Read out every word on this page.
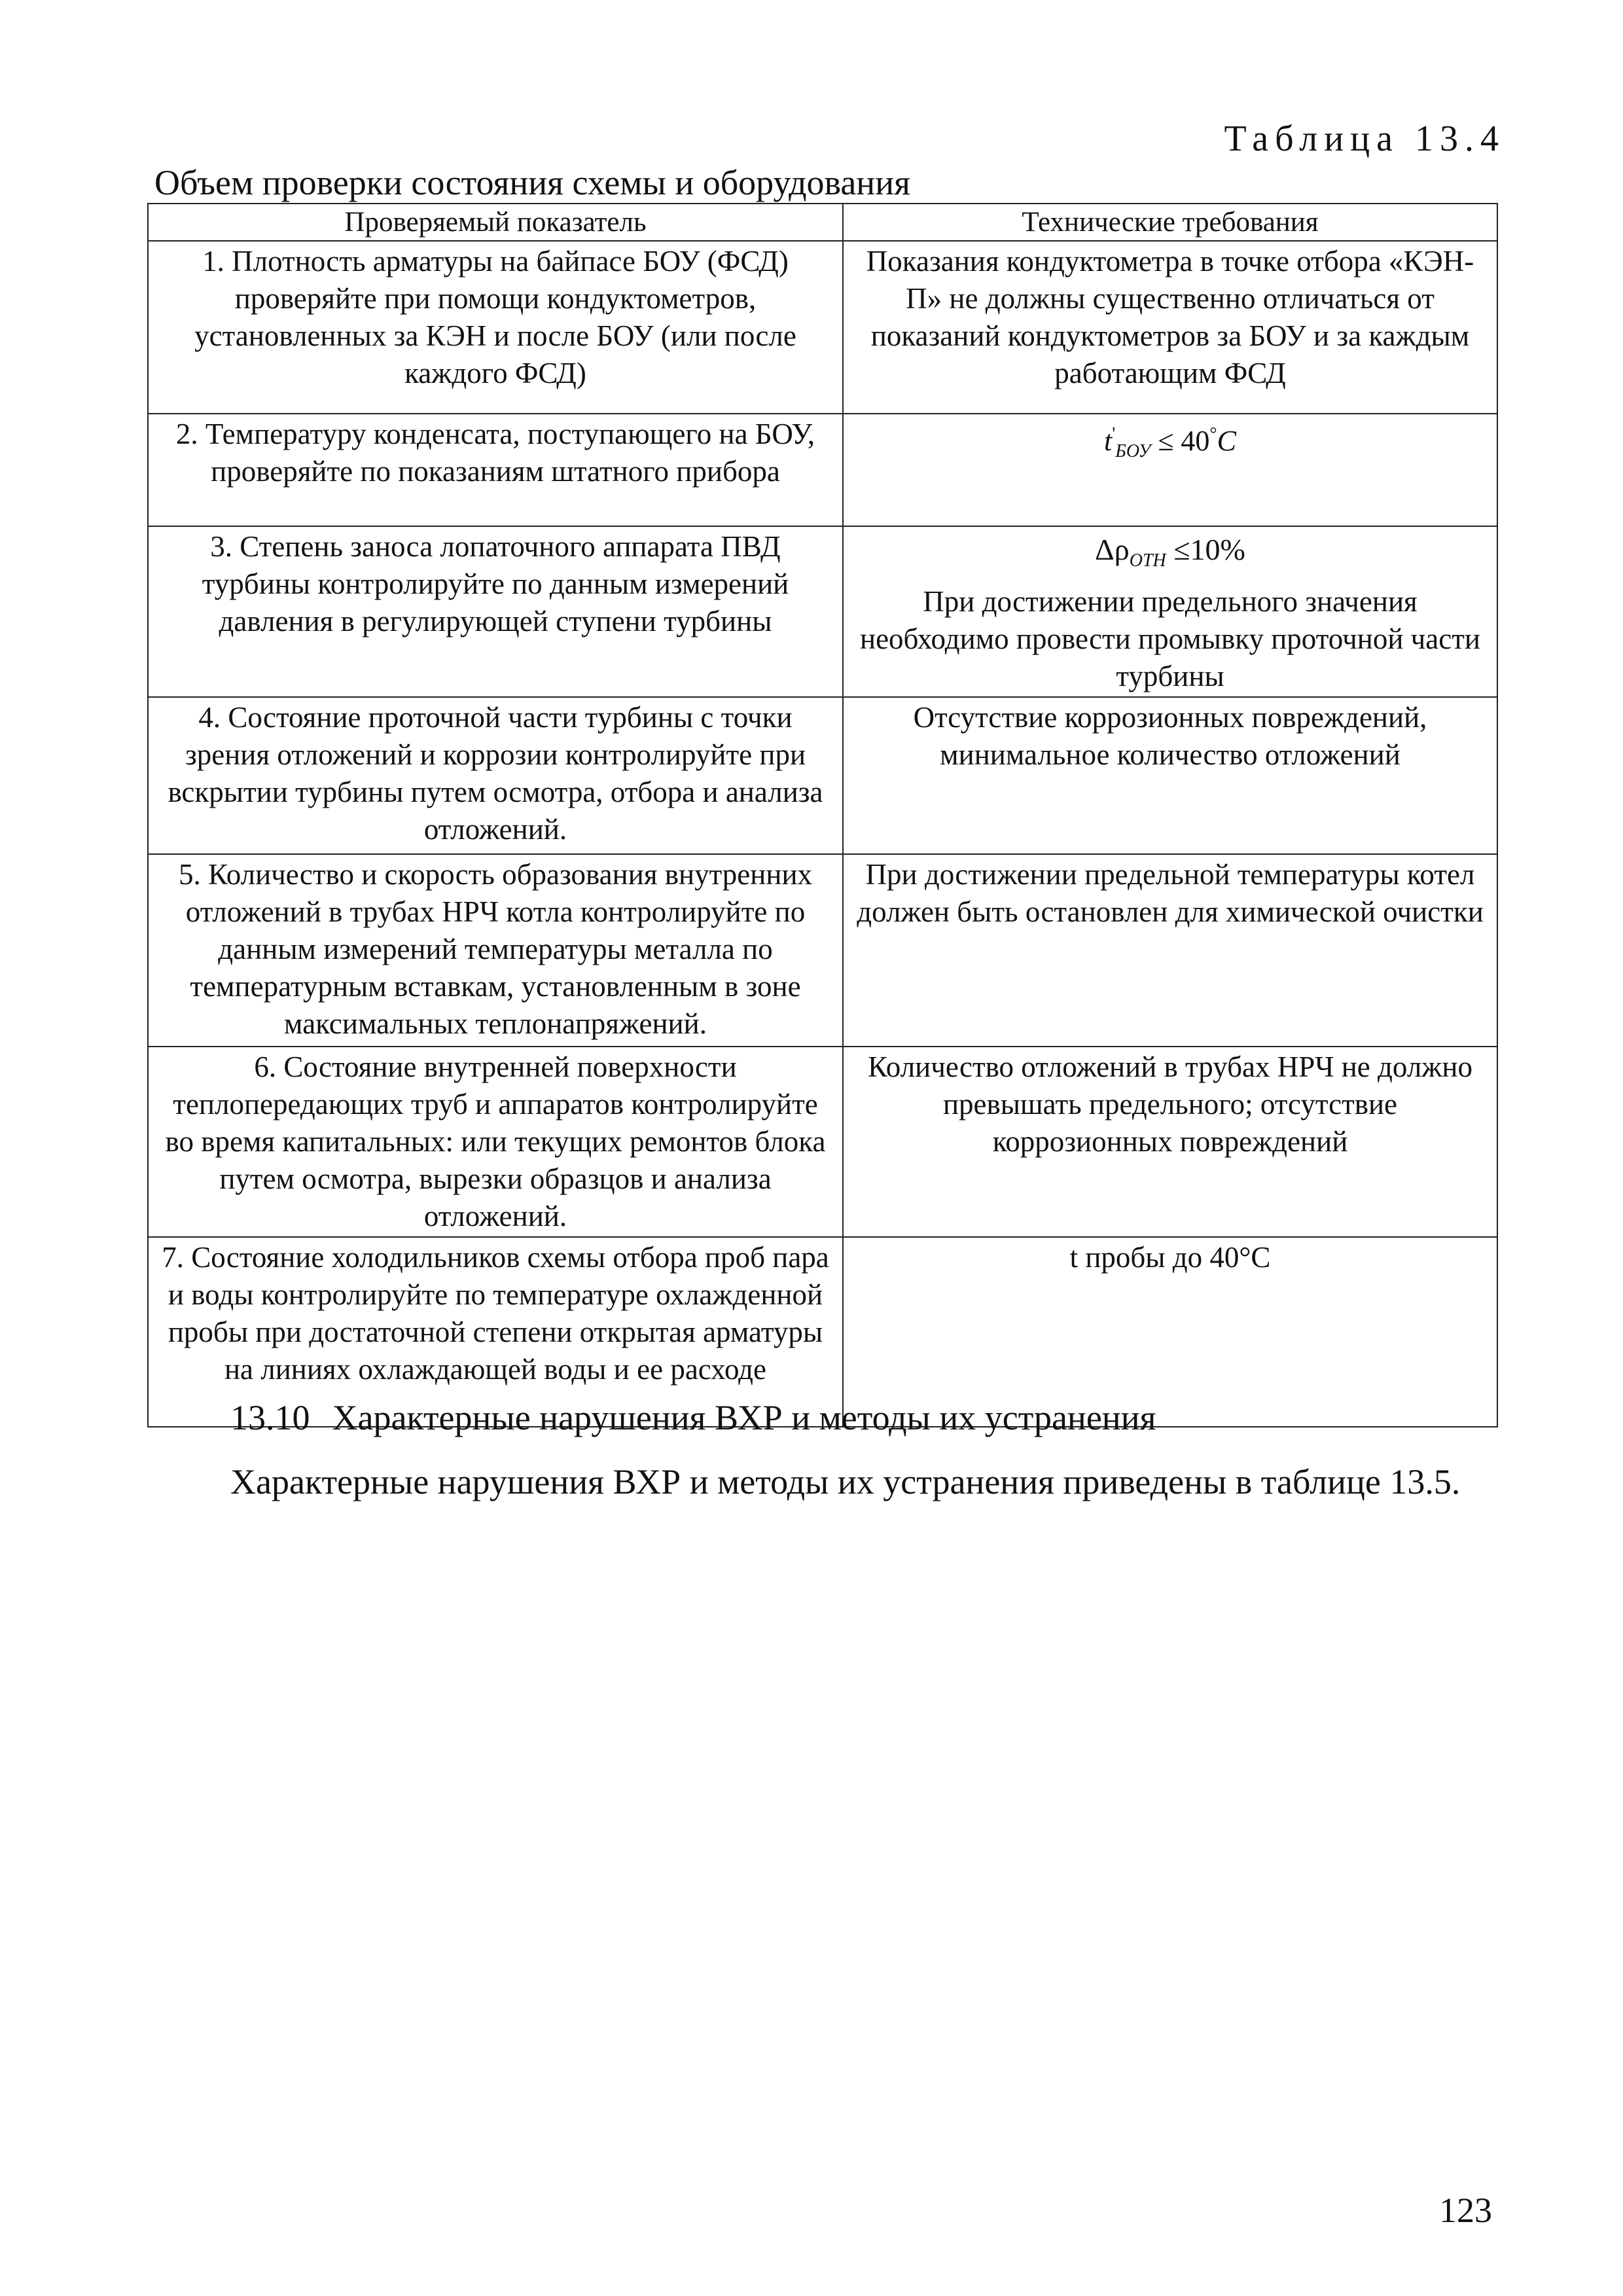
Таблица 13.4
Объем проверки состояния схемы и оборудования
Проверяемый показатель	Технические требования
1. Плотность арматуры на байпасе БОУ (ФСД) проверяйте при помощи кондуктометров, установленных за КЭН и после БОУ (или после каждого ФСД)	Показания кондуктометра в точке отбора «КЭН-П» не должны существенно отличаться от показаний кондуктометров за БОУ и за каждым работающим ФСД
2. Температуру конденсата, поступающего на БОУ, проверяйте по показаниям штатного прибора	$t'_{БОУ} \le 40^\circ C$
3. Степень заноса лопаточного аппарата ПВД турбины контролируйте по данным измерений давления в регулирующей ступени турбины	$\Delta\rho_{ОТН} \le 10\%$
При достижении предельного значения необходимо провести промывку проточной части турбины

4. Состояние проточной части турбины с точки зрения отложений и коррозии контролируйте при вскрытии турбины путем осмотра, отбора и анализа отложений.	Отсутствие коррозионных повреждений, минимальное количество отложений
5. Количество и скорость образования внутренних отложений в трубах НРЧ котла контролируйте по данным измерений температуры металла по температурным вставкам, установленным в зоне максимальных теплонапряжений.	При достижении предельной температуры котел должен быть остановлен для химической очистки
6. Состояние внутренней поверхности теплопередающих труб и аппаратов контролируйте во время капитальных: или текущих ремонтов блока путем осмотра, вырезки образцов и анализа отложений.	Количество отложений в трубах НРЧ не должно превышать предельного; отсутствие коррозионных повреждений
7. Состояние холодильников схемы отбора проб пара и воды контролируйте по температуре охлажденной пробы при достаточной степени открытая арматуры на линиях охлаждающей воды и ее расходе	t пробы до 40°С
13.10 Характерные нарушения ВХР и методы их устранения
Характерные нарушения ВХР и методы их устранения приведены в таблице 13.5.
123
